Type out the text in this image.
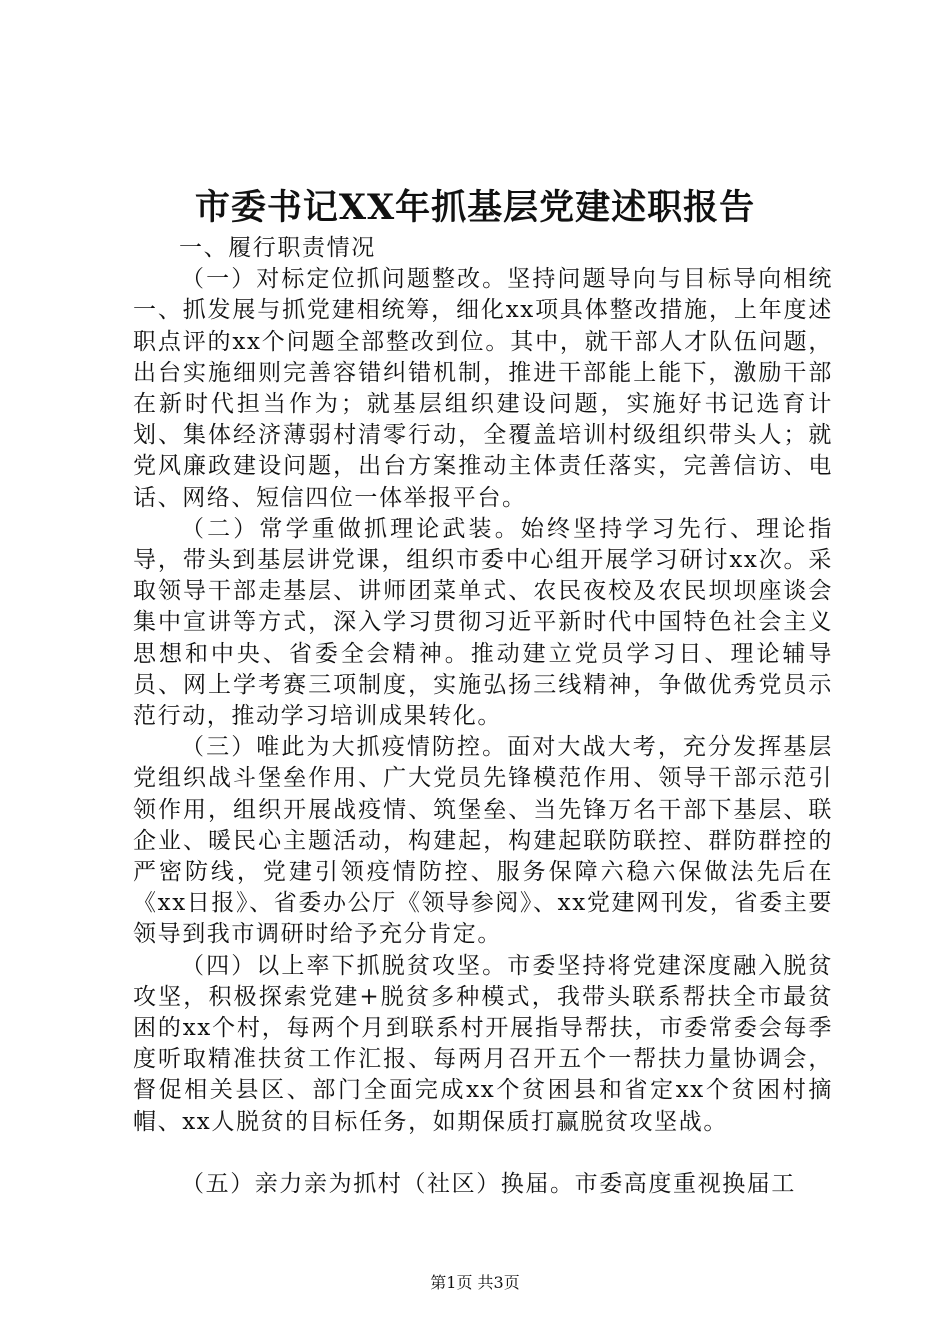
市委书记XX年抓基层党建述职报告

一、履行职责情况

（一）对标定位抓问题整改。坚持问题导向与目标导向相统一、抓发展与抓党建相统筹，细化xx项具体整改措施，上年度述职点评的xx个问题全部整改到位。其中，就干部人才队伍问题，出台实施细则完善容错纠错机制，推进干部能上能下，激励干部在新时代担当作为；就基层组织建设问题，实施好书记选育计划、集体经济薄弱村清零行动，全覆盖培训村级组织带头人；就党风廉政建设问题，出台方案推动主体责任落实，完善信访、电话、网络、短信四位一体举报平台。

（二）常学重做抓理论武装。始终坚持学习先行、理论指导，带头到基层讲党课，组织市委中心组开展学习研讨xx次。采取领导干部走基层、讲师团菜单式、农民夜校及农民坝坝座谈会集中宣讲等方式，深入学习贯彻习近平新时代中国特色社会主义思想和中央、省委全会精神。推动建立党员学习日、理论辅导员、网上学考赛三项制度，实施弘扬三线精神，争做优秀党员示范行动，推动学习培训成果转化。

（三）唯此为大抓疫情防控。面对大战大考，充分发挥基层党组织战斗堡垒作用、广大党员先锋模范作用、领导干部示范引领作用，组织开展战疫情、筑堡垒、当先锋万名干部下基层、联企业、暖民心主题活动，构建起，构建起联防联控、群防群控的严密防线，党建引领疫情防控、服务保障六稳六保做法先后在《xx日报》、省委办公厅《领导参阅》、xx党建网刊发，省委主要领导到我市调研时给予充分肯定。

（四）以上率下抓脱贫攻坚。市委坚持将党建深度融入脱贫攻坚，积极探索党建+脱贫多种模式，我带头联系帮扶全市最贫困的xx个村，每两个月到联系村开展指导帮扶，市委常委会每季度听取精准扶贫工作汇报、每两月召开五个一帮扶力量协调会，督促相关县区、部门全面完成xx个贫困县和省定xx个贫困村摘帽、xx人脱贫的目标任务，如期保质打赢脱贫攻坚战。

（五）亲力亲为抓村（社区）换届。市委高度重视换届工

第1页 共3页
